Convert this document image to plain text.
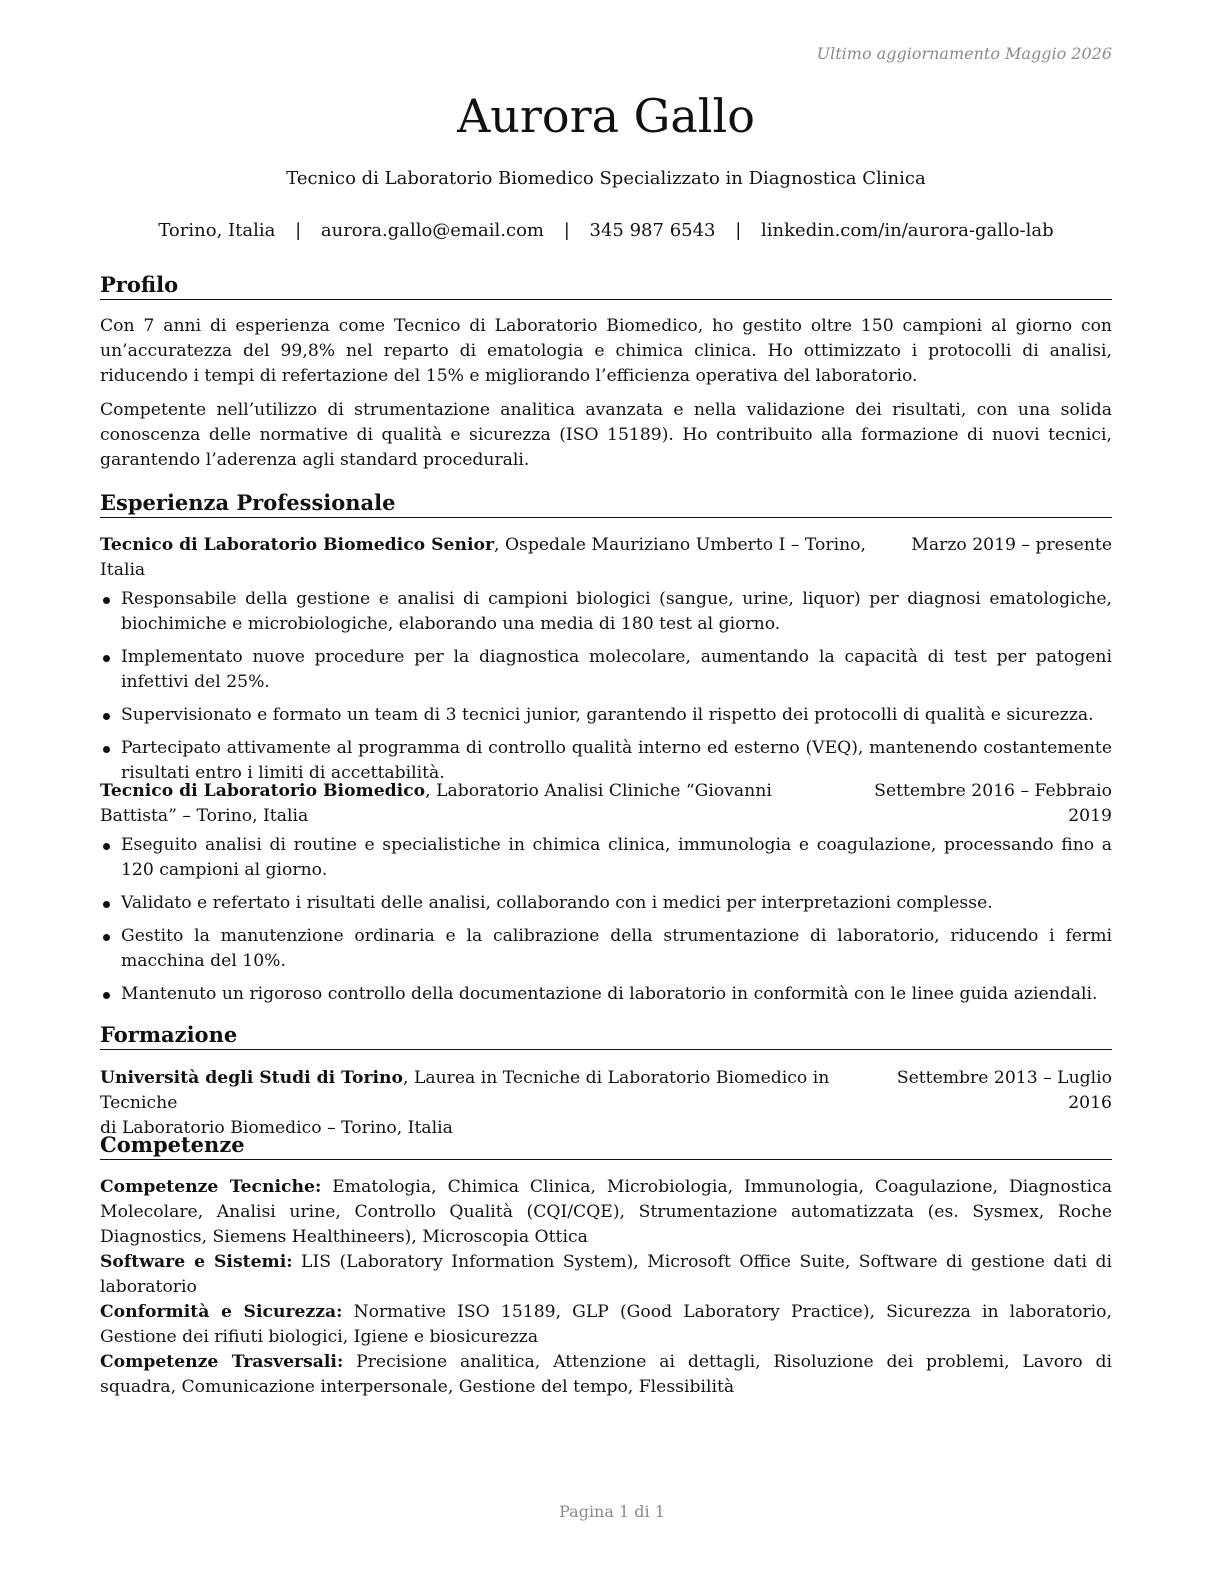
Ultimo aggiornamento Maggio 2026
Aurora Gallo
Tecnico di Laboratorio Biomedico Specializzato in Diagnostica Clinica
Torino, Italia | aurora.gallo@email.com | 345 987 6543 | linkedin.com/in/aurora-gallo-lab
Profilo

Con 7 anni di esperienza come Tecnico di Laboratorio Biomedico, ho gestito oltre 150 campioni al giorno con un’accuratezza del 99,8% nel reparto di ematologia e chimica clinica. Ho ottimizzato i protocolli di analisi, riducendo i tempi di refertazione del 15% e migliorando l’efficienza operativa del laboratorio.

Competente nell’utilizzo di strumentazione analitica avanzata e nella validazione dei risultati, con una solida conoscenza delle normative di qualità e sicurezza (ISO 15189). Ho contribuito alla formazione di nuovi tecnici, garantendo l’aderenza agli standard procedurali.

Esperienza Professionale
Tecnico di Laboratorio Biomedico Senior, Ospedale Mauriziano Umberto I – Torino, Italia
Marzo 2019 – presente
Responsabile della gestione e analisi di campioni biologici (sangue, urine, liquor) per diagnosi ematologiche, biochimiche e microbiologiche, elaborando una media di 180 test al giorno.
Implementato nuove procedure per la diagnostica molecolare, aumentando la capacità di test per patogeni infettivi del 25%.
Supervisionato e formato un team di 3 tecnici junior, garantendo il rispetto dei protocolli di qualità e sicurezza.
Partecipato attivamente al programma di controllo qualità interno ed esterno (VEQ), mantenendo costantemente risultati entro i limiti di accettabilità.
Tecnico di Laboratorio Biomedico, Laboratorio Analisi Cliniche “Giovanni Battista” – Torino, Italia
Settembre 2016 – Febbraio
2019
Eseguito analisi di routine e specialistiche in chimica clinica, immunologia e coagulazione, processando fino a 120 campioni al giorno.
Validato e refertato i risultati delle analisi, collaborando con i medici per interpretazioni complesse.
Gestito la manutenzione ordinaria e la calibrazione della strumentazione di laboratorio, riducendo i fermi macchina del 10%.
Mantenuto un rigoroso controllo della documentazione di laboratorio in conformità con le linee guida aziendali.
Formazione
Università degli Studi di Torino, Laurea in Tecniche di Laboratorio Biomedico in Tecniche
di Laboratorio Biomedico – Torino, Italia
Settembre 2013 – Luglio
2016
Competenze

Competenze Tecniche: Ematologia, Chimica Clinica, Microbiologia, Immunologia, Coagulazione, Diagnostica Molecolare, Analisi urine, Controllo Qualità (CQI/CQE), Strumentazione automatizzata (es. Sysmex, Roche Diagnostics, Siemens Healthineers), Microscopia Ottica

Software e Sistemi: LIS (Laboratory Information System), Microsoft Office Suite, Software di gestione dati di laboratorio

Conformità e Sicurezza: Normative ISO 15189, GLP (Good Laboratory Practice), Sicurezza in laboratorio, Gestione dei rifiuti biologici, Igiene e biosicurezza

Competenze Trasversali: Precisione analitica, Attenzione ai dettagli, Risoluzione dei problemi, Lavoro di squadra, Comunicazione interpersonale, Gestione del tempo, Flessibilità

Pagina 1 di 1
